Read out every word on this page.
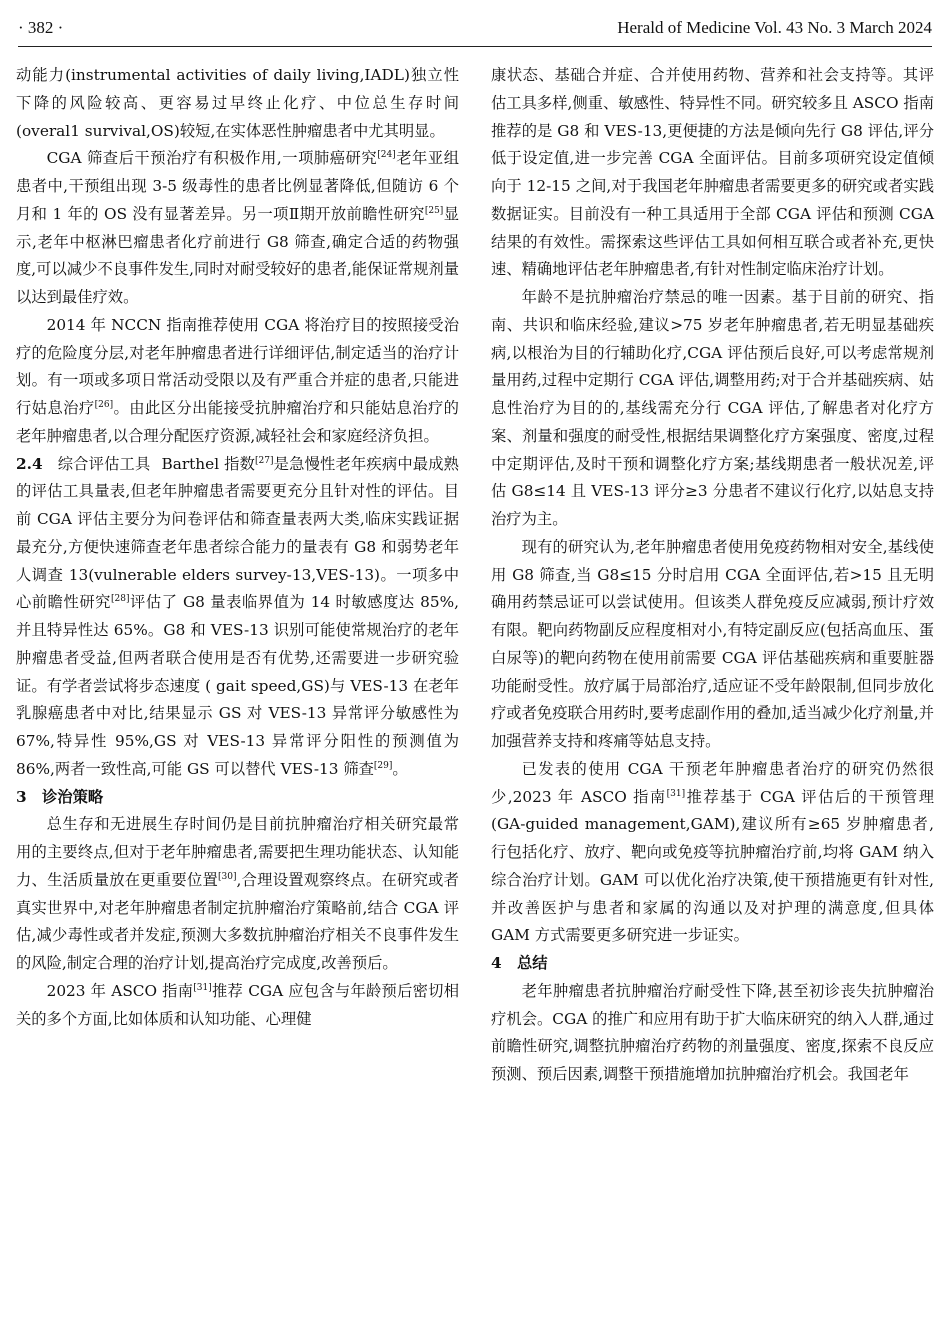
· 382 ·	Herald of Medicine Vol. 43 No. 3 March 2024

动能力(instrumental activities of daily living,IADL)独立性下降的风险较高、更容易过早终止化疗、中位总生存时间(overal1 survival,OS)较短,在实体恶性肿瘤患者中尤其明显。

CGA 筛查后干预治疗有积极作用,一项肺癌研究[24]老年亚组患者中,干预组出现 3-5 级毒性的患者比例显著降低,但随访 6 个月和 1 年的 OS 没有显著差异。另一项Ⅱ期开放前瞻性研究[25]显示,老年中枢淋巴瘤患者化疗前进行 G8 筛查,确定合适的药物强度,可以减少不良事件发生,同时对耐受较好的患者,能保证常规剂量以达到最佳疗效。

2014 年 NCCN 指南推荐使用 CGA 将治疗目的按照接受治疗的危险度分层,对老年肿瘤患者进行详细评估,制定适当的治疗计划。有一项或多项日常活动受限以及有严重合并症的患者,只能进行姑息治疗[26]。由此区分出能接受抗肿瘤治疗和只能姑息治疗的老年肿瘤患者,以合理分配医疗资源,减轻社会和家庭经济负担。

2.4 综合评估工具 Barthel 指数[27]是急慢性老年疾病中最成熟的评估工具量表,但老年肿瘤患者需要更充分且针对性的评估。目前 CGA 评估主要分为问卷评估和筛查量表两大类,临床实践证据最充分,方便快速筛查老年患者综合能力的量表有 G8 和弱势老年人调查 13(vulnerable elders survey-13,VES-13)。一项多中心前瞻性研究[28]评估了 G8 量表临界值为 14 时敏感度达 85%,并且特异性达 65%。G8 和 VES-13 识别可能使常规治疗的老年肿瘤患者受益,但两者联合使用是否有优势,还需要进一步研究验证。有学者尝试将步态速度 ( gait speed,GS)与 VES-13 在老年乳腺癌患者中对比,结果显示 GS 对 VES-13 异常评分敏感性为 67%,特异性 95%,GS 对 VES-13 异常评分阳性的预测值为 86%,两者一致性高,可能 GS 可以替代 VES-13 筛查[29]。

3 诊治策略

总生存和无进展生存时间仍是目前抗肿瘤治疗相关研究最常用的主要终点,但对于老年肿瘤患者,需要把生理功能状态、认知能力、生活质量放在更重要位置[30],合理设置观察终点。在研究或者真实世界中,对老年肿瘤患者制定抗肿瘤治疗策略前,结合 CGA 评估,减少毒性或者并发症,预测大多数抗肿瘤治疗相关不良事件发生的风险,制定合理的治疗计划,提高治疗完成度,改善预后。

2023 年 ASCO 指南[31]推荐 CGA 应包含与年龄预后密切相关的多个方面,比如体质和认知功能、心理健

康状态、基础合并症、合并使用药物、营养和社会支持等。其评估工具多样,侧重、敏感性、特异性不同。研究较多且 ASCO 指南推荐的是 G8 和 VES-13,更便捷的方法是倾向先行 G8 评估,评分低于设定值,进一步完善 CGA 全面评估。目前多项研究设定值倾向于 12-15 之间,对于我国老年肿瘤患者需要更多的研究或者实践数据证实。目前没有一种工具适用于全部 CGA 评估和预测 CGA 结果的有效性。需探索这些评估工具如何相互联合或者补充,更快速、精确地评估老年肿瘤患者,有针对性制定临床治疗计划。

年龄不是抗肿瘤治疗禁忌的唯一因素。基于目前的研究、指南、共识和临床经验,建议>75 岁老年肿瘤患者,若无明显基础疾病,以根治为目的行辅助化疗,CGA 评估预后良好,可以考虑常规剂量用药,过程中定期行 CGA 评估,调整用药;对于合并基础疾病、姑息性治疗为目的的,基线需充分行 CGA 评估,了解患者对化疗方案、剂量和强度的耐受性,根据结果调整化疗方案强度、密度,过程中定期评估,及时干预和调整化疗方案;基线期患者一般状况差,评估 G8≤14 且 VES-13 评分≥3 分患者不建议行化疗,以姑息支持治疗为主。

现有的研究认为,老年肿瘤患者使用免疫药物相对安全,基线使用 G8 筛查,当 G8≤15 分时启用 CGA 全面评估,若>15 且无明确用药禁忌证可以尝试使用。但该类人群免疫反应减弱,预计疗效有限。靶向药物副反应程度相对小,有特定副反应(包括高血压、蛋白尿等)的靶向药物在使用前需要 CGA 评估基础疾病和重要脏器功能耐受性。放疗属于局部治疗,适应证不受年龄限制,但同步放化疗或者免疫联合用药时,要考虑副作用的叠加,适当减少化疗剂量,并加强营养支持和疼痛等姑息支持。

已发表的使用 CGA 干预老年肿瘤患者治疗的研究仍然很少,2023 年 ASCO 指南[31]推荐基于 CGA 评估后的干预管理(GA-guided management,GAM),建议所有≥65 岁肿瘤患者,行包括化疗、放疗、靶向或免疫等抗肿瘤治疗前,均将 GAM 纳入综合治疗计划。GAM 可以优化治疗决策,使干预措施更有针对性,并改善医护与患者和家属的沟通以及对护理的满意度,但具体 GAM 方式需要更多研究进一步证实。

4 总结

老年肿瘤患者抗肿瘤治疗耐受性下降,甚至初诊丧失抗肿瘤治疗机会。CGA 的推广和应用有助于扩大临床研究的纳入人群,通过前瞻性研究,调整抗肿瘤治疗药物的剂量强度、密度,探索不良反应预测、预后因素,调整干预措施增加抗肿瘤治疗机会。我国老年
